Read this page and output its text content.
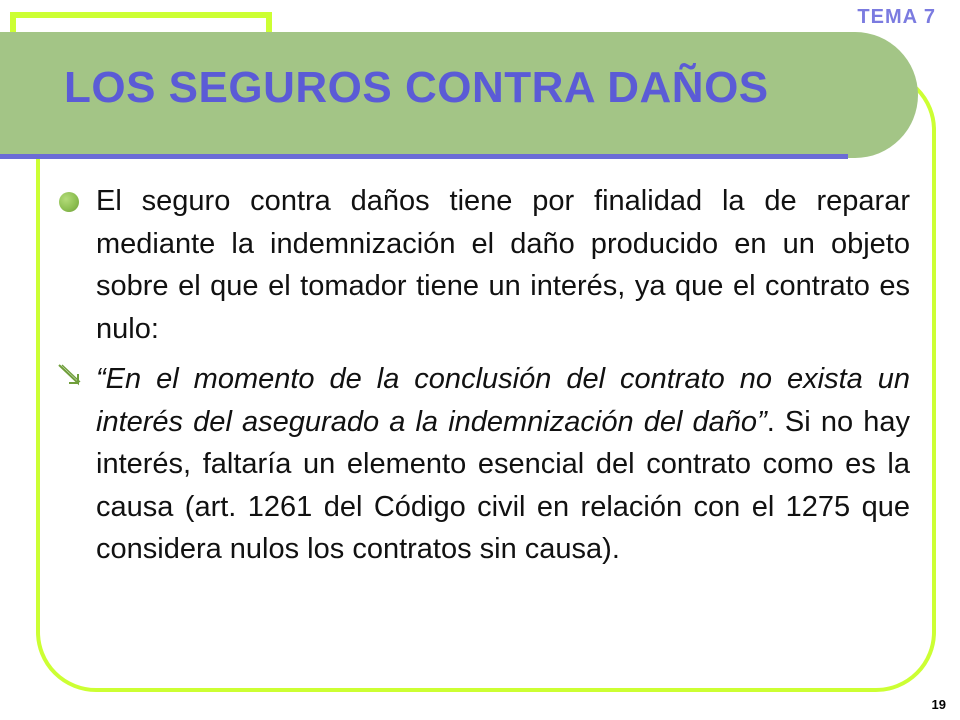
TEMA 7
LOS SEGUROS CONTRA DAÑOS

El seguro contra daños tiene por finalidad la de reparar mediante la indemnización el daño producido en un objeto sobre el que el tomador tiene un interés, ya que el contrato es nulo:

“En el momento de la conclusión del contrato no exista un interés del asegurado a la indemnización del daño”. Si no hay interés, faltaría un elemento esencial del contrato como es la causa (art. 1261 del Código civil en relación con el 1275 que considera nulos los contratos sin causa).

19
